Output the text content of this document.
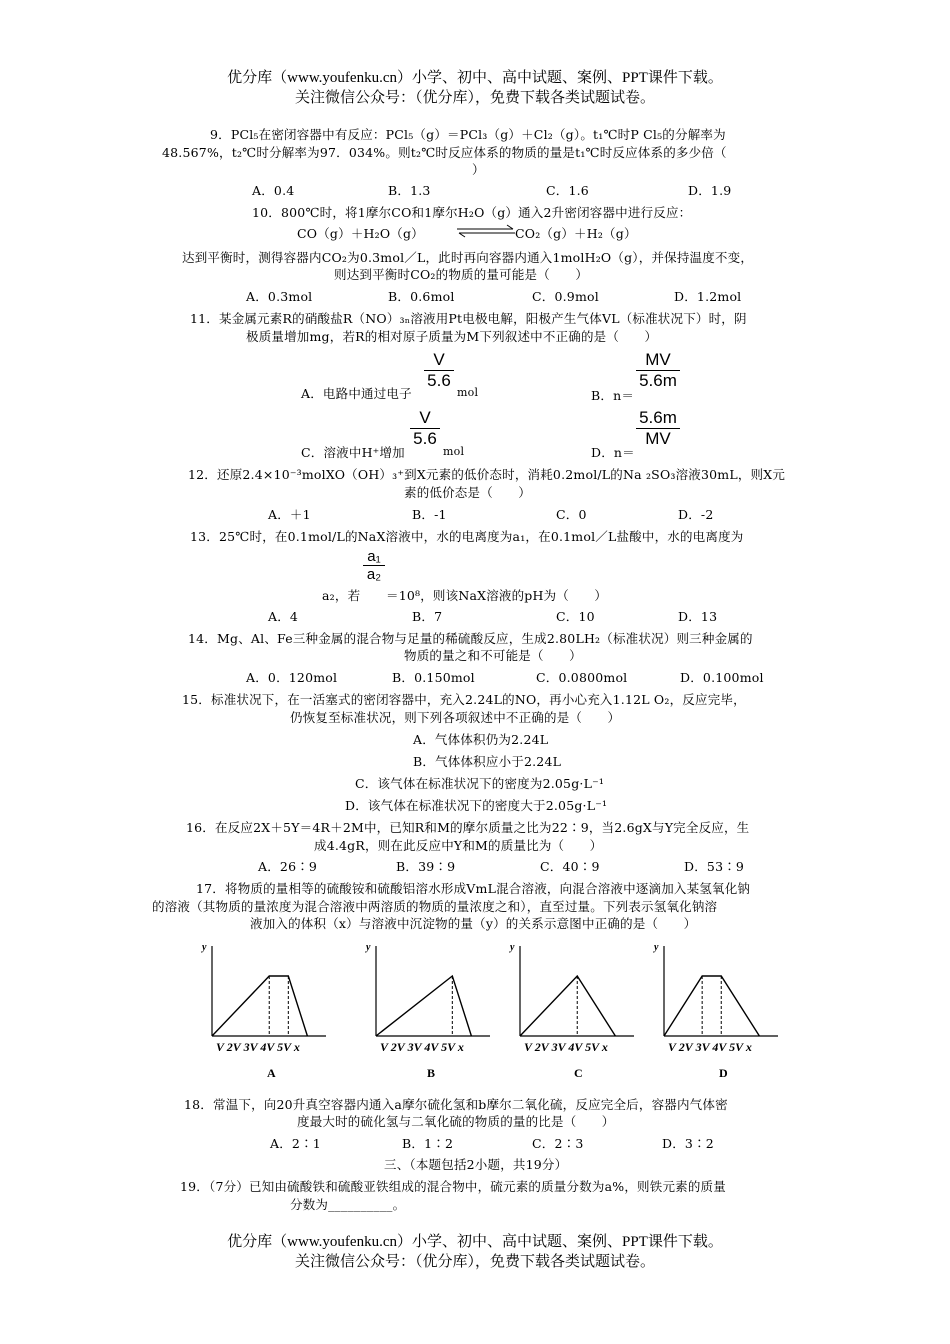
优分库（www.youfenku.cn）小学、初中、高中试题、案例、PPT课件下载。
关注微信公众号：（优分库），免费下载各类试题试卷。
9．PCl₅在密闭容器中有反应：PCl₅（g）＝PCl₃（g）＋Cl₂（g）。t₁℃时P Cl₅的分解率为
48.567%，t₂℃时分解率为97．034%。则t₂℃时反应体系的物质的量是t₁℃时反应体系的多少倍（
）
A．0.4	B．1.3	C．1.6	D．1.9
10．800℃时，将1摩尔CO和1摩尔H₂O（g）通入2升密闭容器中进行反应：
CO（g）＋H₂O（g）	CO₂（g）＋H₂（g）
达到平衡时，测得容器内CO₂为0.3mol／L，此时再向容器内通入1molH₂O（g），并保持温度不变，
则达到平衡时CO₂的物质的量可能是（　　）
A．0.3mol	B．0.6mol	C．0.9mol	D．1.2mol
11．某金属元素R的硝酸盐R（NO）₃ₙ溶液用Pt电极电解，阳极产生气体VL（标准状况下）时，阴
极质量增加mg，若R的相对原子质量为M下列叙述中不正确的是（　　）
A．电路中通过电子
$\frac{V}{5.6}$
mol	B．n＝
$\frac{MV}{5.6m}$
C．溶液中H⁺增加
$\frac{V}{5.6}$
mol	D．n＝
$\frac{5.6m}{MV}$
12．还原2.4×10⁻³molXO（OH）₃⁺到X元素的低价态时，消耗0.2mol/L的Na ₂SO₃溶液30mL，则X元
素的低价态是（　　）
A．＋1	B．-1	C．0	D．-2
13．25℃时，在0.1mol/L的NaX溶液中，水的电离度为a₁，在0.1mol／L盐酸中，水的电离度为
a₂，若
$\frac{\text{a₁}}{\text{a₂}}$
＝10⁸，则该NaX溶液的pH为（　　）
A．4	B．7	C．10	D．13
14．Mg、Al、Fe三种金属的混合物与足量的稀硫酸反应，生成2.80LH₂（标准状况）则三种金属的
物质的量之和不可能是（　　）
A．0．120mol	B．0.150mol	C．0.0800mol	D．0.100mol
15．标准状况下，在一活塞式的密闭容器中，充入2.24L的NO，再小心充入1.12L O₂，反应完毕，
仍恢复至标准状况，则下列各项叙述中不正确的是（　　）
A．气体体积仍为2.24L
B．气体体积应小于2.24L
C．该气体在标准状况下的密度为2.05g·L⁻¹
D．该气体在标准状况下的密度大于2.05g·L⁻¹
16．在反应2X＋5Y＝4R＋2M中，已知R和M的摩尔质量之比为22∶9，当2.6gX与Y完全反应，生
成4.4gR，则在此反应中Y和M的质量比为（　　）
A．26∶9	B．39∶9	C．40∶9	D．53∶9
17．将物质的量相等的硫酸铵和硫酸铝溶水形成VmL混合溶液，向混合溶液中逐滴加入某氢氧化钠
的溶液（其物质的量浓度为混合溶液中两溶质的物质的量浓度之和），直至过量。下列表示氢氧化钠溶
液加入的体积（x）与溶液中沉淀物的量（y）的关系示意图中正确的是（　　）
y
V 2V 3V 4V 5V x
y
V 2V 3V 4V 5V x
y
V 2V 3V 4V 5V x
y
V 2V 3V 4V 5V x
A	B	C	D
18．常温下，向20升真空容器内通入a摩尔硫化氢和b摩尔二氧化硫，反应完全后，容器内气体密
度最大时的硫化氢与二氧化硫的物质的量的比是（　　）
A．2∶1	B．1∶2	C．2∶3	D．3∶2
三、（本题包括2小题，共19分）
19．（7分）已知由硫酸铁和硫酸亚铁组成的混合物中，硫元素的质量分数为a%，则铁元素的质量
分数为__________。
优分库（www.youfenku.cn）小学、初中、高中试题、案例、PPT课件下载。
关注微信公众号：（优分库），免费下载各类试题试卷。
